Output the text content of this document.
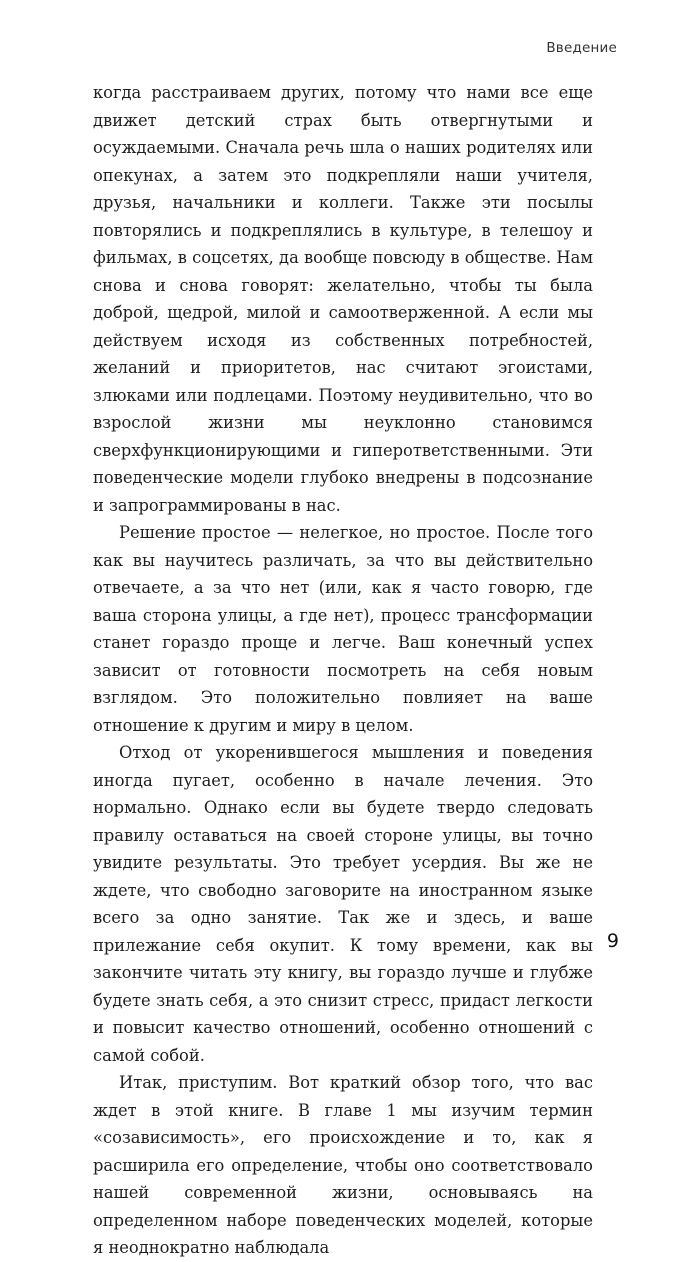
Введение

когда расстраиваем других, потому что нами все еще движет детский страх быть отвергнутыми и осуждаемыми. Сначала речь шла о наших родителях или опекунах, а затем это подкрепляли наши учителя, друзья, начальники и коллеги. Также эти посылы повторялись и подкреплялись в культуре, в телешоу и фильмах, в соцсетях, да вообще повсюду в обществе. Нам снова и снова говорят: желательно, чтобы ты была доброй, щедрой, милой и самоотверженной. А если мы действуем исходя из собственных потребностей, желаний и приоритетов, нас считают эгоистами, злюками или подлецами. Поэтому неудивительно, что во взрослой жизни мы неуклонно становимся сверхфункционирующими и гиперответственными. Эти поведенческие модели глубоко внедрены в подсознание и запрограммированы в нас.

Решение простое — нелегкое, но простое. После того как вы научитесь различать, за что вы действительно отвечаете, а за что нет (или, как я часто говорю, где ваша сторона улицы, а где нет), процесс трансформации станет гораздо проще и легче. Ваш конечный успех зависит от готовности посмотреть на себя новым взглядом. Это положительно повлияет на ваше отношение к другим и миру в целом.

Отход от укоренившегося мышления и поведения иногда пугает, особенно в начале лечения. Это нормально. Однако если вы будете твердо следовать правилу оставаться на своей стороне улицы, вы точно увидите результаты. Это требует усердия. Вы же не ждете, что свободно заговорите на иностранном языке всего за одно занятие. Так же и здесь, и ваше прилежание себя окупит. К тому времени, как вы закончите читать эту книгу, вы гораздо лучше и глубже будете знать себя, а это снизит стресс, придаст легкости и повысит качество отношений, особенно отношений с самой собой.

Итак, приступим. Вот краткий обзор того, что вас ждет в этой книге. В главе 1 мы изучим термин «созависимость», его происхождение и то, как я расширила его определение, чтобы оно соответствовало нашей современной жизни, основываясь на определенном наборе поведенческих моделей, которые я неоднократно наблюдала

9
